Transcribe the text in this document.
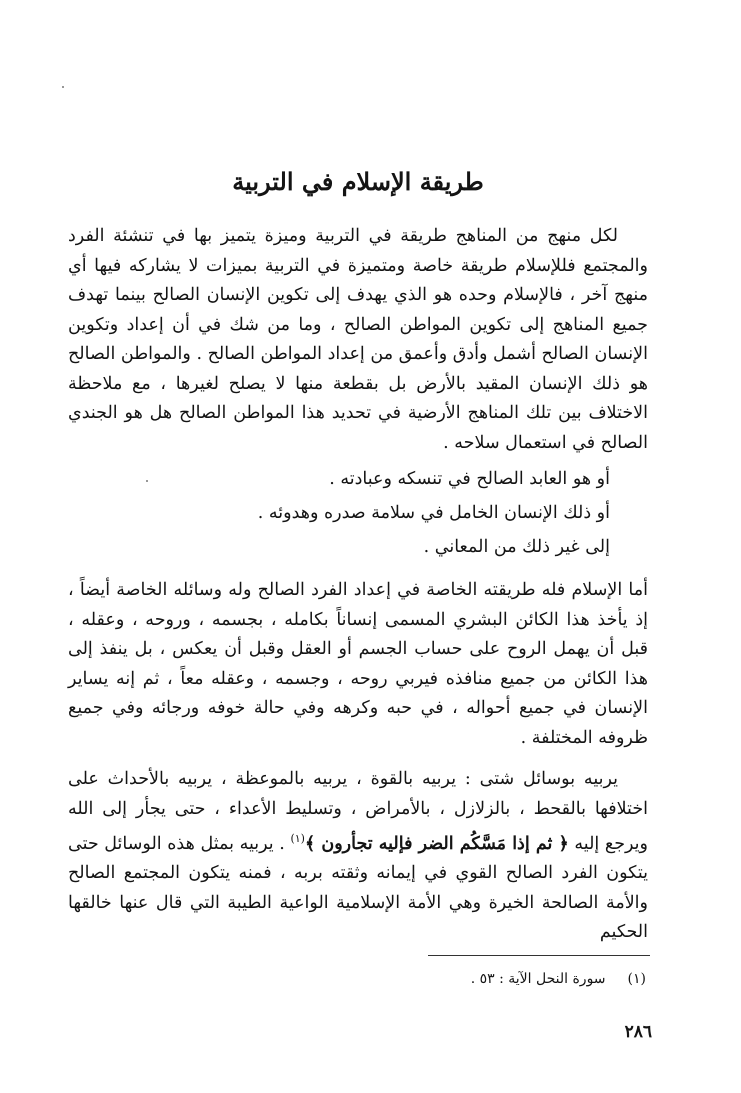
طريقة الإسلام في التربية

لكل منهج من المناهج طريقة في التربية وميزة يتميز بها في تنشئة الفرد والمجتمع فللإسلام طريقة خاصة ومتميزة في التربية بميزات لا يشاركه فيها أي منهج آخر ، فالإسلام وحده هو الذي يهدف إلى تكوين الإنسان الصالح بينما تهدف جميع المناهج إلى تكوين المواطن الصالح ، وما من شك في أن إعداد وتكوين الإنسان الصالح أشمل وأدق وأعمق من إعداد المواطن الصالح . والمواطن الصالح هو ذلك الإنسان المقيد بالأرض بل بقطعة منها لا يصلح لغيرها ، مع ملاحظة الاختلاف بين تلك المناهج الأرضية في تحديد هذا المواطن الصالح هل هو الجندي الصالح في استعمال سلاحه .

أو هو العابد الصالح في تنسكه وعبادته .
أو ذلك الإنسان الخامل في سلامة صدره وهدوئه .
إلى غير ذلك من المعاني .

أما الإسلام فله طريقته الخاصة في إعداد الفرد الصالح وله وسائله الخاصة أيضاً ، إذ يأخذ هذا الكائن البشري المسمى إنساناً بكامله ، بجسمه ، وروحه ، وعقله ، قبل أن يهمل الروح على حساب الجسم أو العقل وقبل أن يعكس ، بل ينفذ إلى هذا الكائن من جميع منافذه فيربي روحه ، وجسمه ، وعقله معاً ، ثم إنه يساير الإنسان في جميع أحواله ، في حبه وكرهه وفي حالة خوفه ورجائه وفي جميع ظروفه المختلفة .

يربيه بوسائل شتى : يربيه بالقوة ، يربيه بالموعظة ، يربيه بالأحداث على اختلافها بالقحط ، بالزلازل ، بالأمراض ، وتسليط الأعداء ، حتى يجأر إلى الله ويرجع إليه ﴿ ثم إذا مَسَّكُم الضر فإليه تجأرون ﴾$^{(١)}$ . يربيه بمثل هذه الوسائل حتى يتكون الفرد الصالح القوي في إيمانه وثقته بربه ، فمنه يتكون المجتمع الصالح والأمة الصالحة الخيرة وهي الأمة الإسلامية الواعية الطيبة التي قال عنها خالقها الحكيم

(١)سورة النحل الآية : ٥٣ .
٢٨٦
